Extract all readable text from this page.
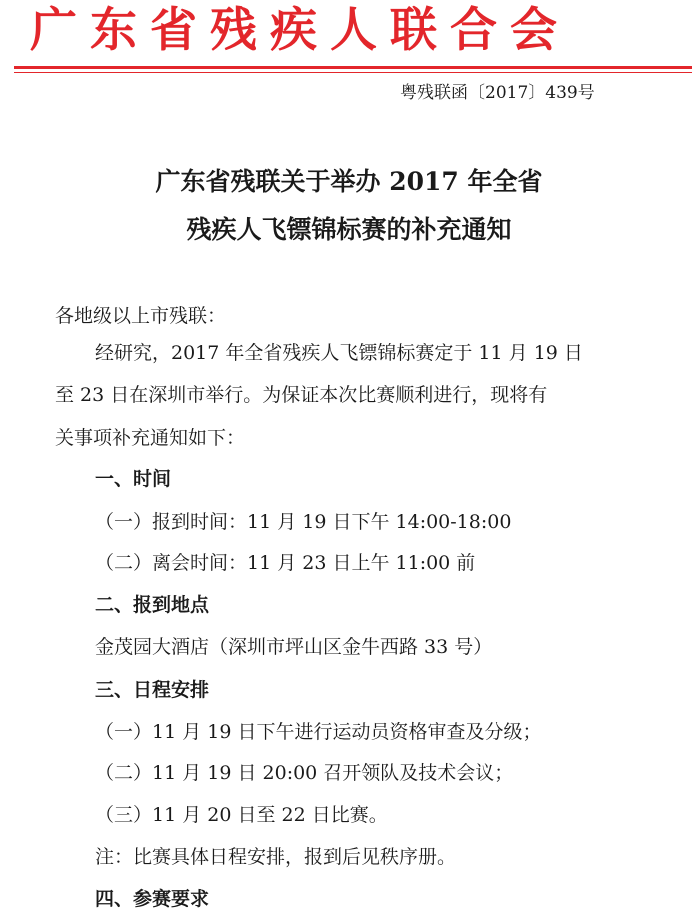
广东省残疾人联合会
粤残联函〔2017〕439号
广东省残联关于举办 2017 年全省
残疾人飞镖锦标赛的补充通知
各地级以上市残联：
经研究，2017 年全省残疾人飞镖锦标赛定于 11 月 19 日
至 23 日在深圳市举行。为保证本次比赛顺利进行，现将有
关事项补充通知如下：
一、时间
（一）报到时间：11 月 19 日下午 14:00-18:00
（二）离会时间：11 月 23 日上午 11:00 前
二、报到地点
金茂园大酒店（深圳市坪山区金牛西路 33 号）
三、日程安排
（一）11 月 19 日下午进行运动员资格审查及分级；
（二）11 月 19 日 20:00 召开领队及技术会议；
（三）11 月 20 日至 22 日比赛。
注：比赛具体日程安排，报到后见秩序册。
四、参赛要求
